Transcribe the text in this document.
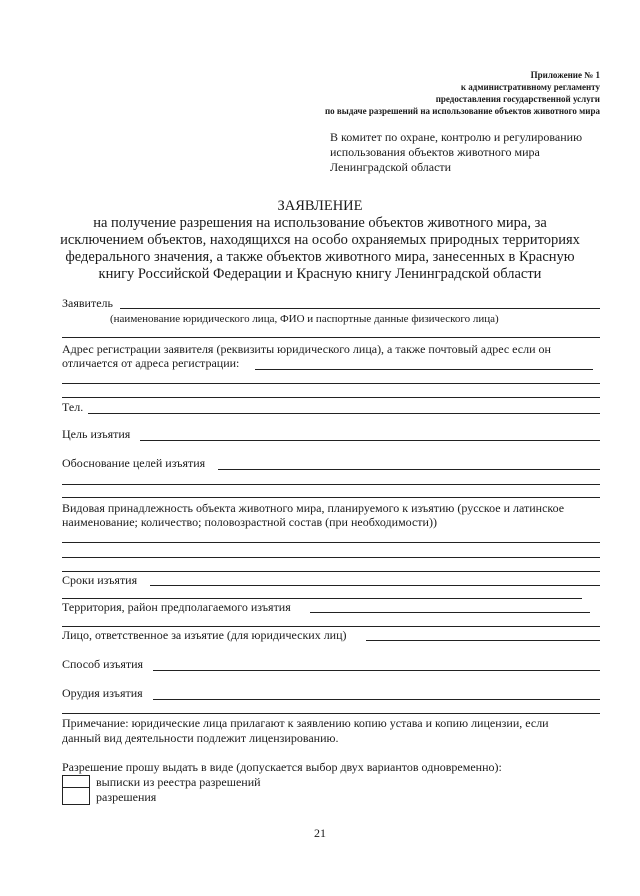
Приложение № 1
к административному регламенту
предоставления государственной услуги
по выдаче разрешений на использование объектов животного мира
В комитет по охране, контролю и регулированию
использования объектов животного мира
Ленинградской области
ЗАЯВЛЕНИЕ
на получение разрешения на использование объектов животного мира, за
исключением объектов, находящихся на особо охраняемых природных территориях
федерального значения, а также объектов животного мира, занесенных в Красную
книгу Российской Федерации и Красную книгу Ленинградской области
Заявитель
(наименование юридического лица, ФИО и паспортные данные физического лица)
Адрес регистрации заявителя (реквизиты юридического лица), а также почтовый адрес если он
отличается от адреса регистрации:
Тел.
Цель изъятия
Обоснование целей изъятия
Видовая принадлежность объекта животного мира, планируемого к изъятию (русское и латинское
наименование; количество; половозрастной состав (при необходимости))
Сроки изъятия
Территория, район предполагаемого изъятия
Лицо, ответственное за изъятие (для юридических лиц)
Способ изъятия
Орудия изъятия
Примечание: юридические лица прилагают к заявлению копию устава и копию лицензии, если
данный вид деятельности подлежит лицензированию.
Разрешение прошу выдать в виде (допускается выбор двух вариантов одновременно):
выписки из реестра разрешений
разрешения
21
